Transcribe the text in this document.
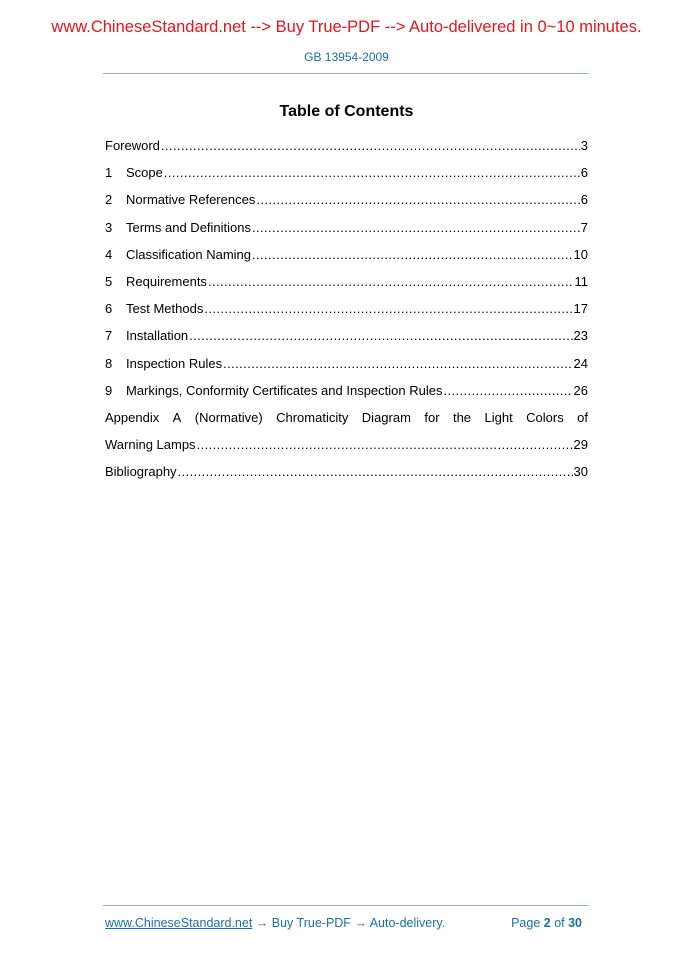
www.ChineseStandard.net --> Buy True-PDF --> Auto-delivered in 0~10 minutes.
GB 13954-2009
Table of Contents
Foreword .....	3
1	Scope .....	6
2	Normative References .....	6
3	Terms and Definitions .....	7
4	Classification Naming .....	10
5	Requirements .....	11
6	Test Methods .....	17
7	Installation .....	23
8	Inspection Rules .....	24
9	Markings, Conformity Certificates and Inspection Rules .....	26
Appendix A (Normative) Chromaticity Diagram for the Light Colors of
Warning Lamps .....	29
Bibliography .....	30
www.ChineseStandard.net → Buy True-PDF → Auto-delivery.	Page 2 of 30
